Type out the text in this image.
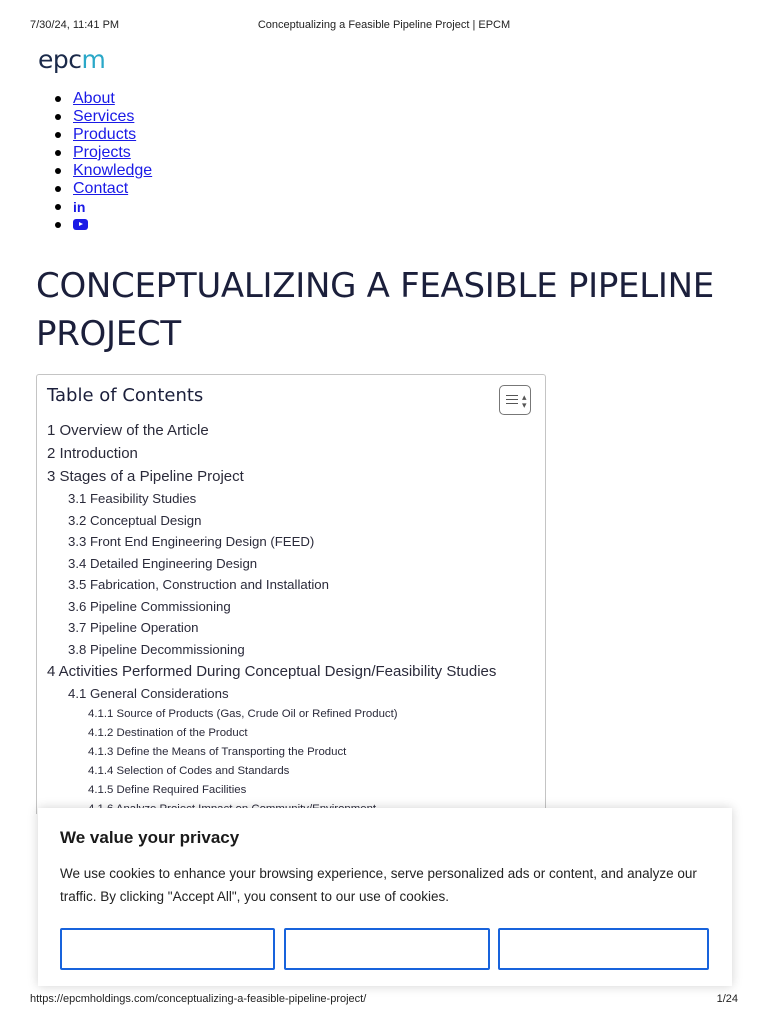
7/30/24, 11:41 PM	Conceptualizing a Feasible Pipeline Project | EPCM
epcm
About
Services
Products
Projects
Knowledge
Contact
in
CONCEPTUALIZING A FEASIBLE PIPELINE PROJECT
Table of Contents	▴
▾
1 Overview of the Article
2 Introduction
3 Stages of a Pipeline Project
3.1 Feasibility Studies
3.2 Conceptual Design
3.3 Front End Engineering Design (FEED)
3.4 Detailed Engineering Design
3.5 Fabrication, Construction and Installation
3.6 Pipeline Commissioning
3.7 Pipeline Operation
3.8 Pipeline Decommissioning
4 Activities Performed During Conceptual Design/Feasibility Studies
4.1 General Considerations
4.1.1 Source of Products (Gas, Crude Oil or Refined Product)
4.1.2 Destination of the Product
4.1.3 Define the Means of Transporting the Product
4.1.4 Selection of Codes and Standards
4.1.5 Define Required Facilities
We value your privacy
We use cookies to enhance your browsing experience, serve personalized ads or content, and analyze our traffic. By clicking "Accept All", you consent to our use of cookies.
https://epcmholdings.com/conceptualizing-a-feasible-pipeline-project/	1/24
